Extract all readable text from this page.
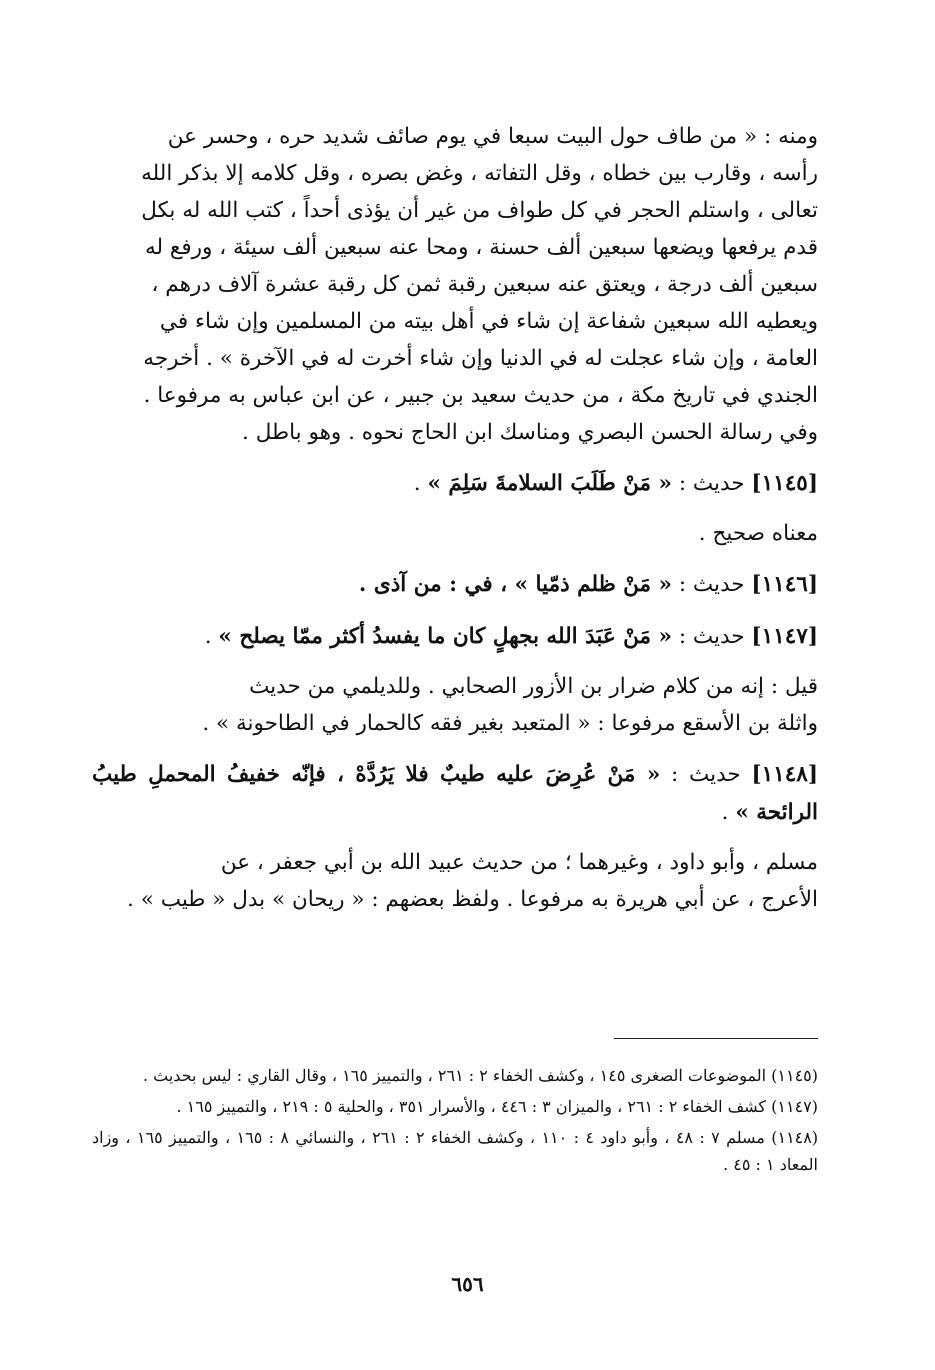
ومنه : « من طاف حول البيت سبعا في يوم صائف شديد حره ، وحسر عن

رأسه ، وقارب بين خطاه ، وقل التفاته ، وغض بصره ، وقل كلامه إلا بذكر الله

تعالى ، واستلم الحجر في كل طواف من غير أن يؤذى أحداً ، كتب الله له بكل

قدم يرفعها ويضعها سبعين ألف حسنة ، ومحا عنه سبعين ألف سيئة ، ورفع له

سبعين ألف درجة ، ويعتق عنه سبعين رقبة ثمن كل رقبة عشرة آلاف درهم ،

ويعطيه الله سبعين شفاعة إن شاء في أهل بيته من المسلمين وإن شاء في

العامة ، وإن شاء عجلت له في الدنيا وإن شاء أخرت له في الآخرة » . أخرجه

الجندي في تاريخ مكة ، من حديث سعيد بن جبير ، عن ابن عباس به مرفوعا .

وفي رسالة الحسن البصري ومناسك ابن الحاج نحوه . وهو باطل .

[١١٤٥] حديث : « مَنْ طَلَبَ السلامةَ سَلِمَ » .

معناه صحيح .

[١١٤٦] حديث : « مَنْ ظلم ذمّيا » ، في : من آذى .

[١١٤٧] حديث : « مَنْ عَبَدَ الله بجهلٍ كان ما يفسدُ أكثر ممّا يصلح » .

قيل : إنه من كلام ضرار بن الأزور الصحابي . وللديلمي من حديث

واثلة بن الأسقع مرفوعا : « المتعبد بغير فقه كالحمار في الطاحونة » .

[١١٤٨] حديث : « مَنْ عُرِضَ عليه طيبٌ فلا يَرُدَّهْ ، فإنّه خفيفُ المحملِ طيبُ الرائحة » .

مسلم ، وأبو داود ، وغيرهما ؛ من حديث عبيد الله بن أبي جعفر ، عن

الأعرج ، عن أبي هريرة به مرفوعا . ولفظ بعضهم : « ريحان » بدل « طيب » .

(١١٤٥) الموضوعات الصغرى ١٤٥ ، وكشف الخفاء ٢ : ٢٦١ ، والتمييز ١٦٥ ، وقال القاري : ليس بحديث .

(١١٤٧) كشف الخفاء ٢ : ٢٦١ ، والميزان ٣ : ٤٤٦ ، والأسرار ٣٥١ ، والحلية ٥ : ٢١٩ ، والتمييز ١٦٥ .

(١١٤٨) مسلم ٧ : ٤٨ ، وأبو داود ٤ : ١١٠ ، وكشف الخفاء ٢ : ٢٦١ ، والنسائي ٨ : ١٦٥ ، والتمييز ١٦٥ ، وزاد المعاد ١ : ٤٥ .

٦٥٦
